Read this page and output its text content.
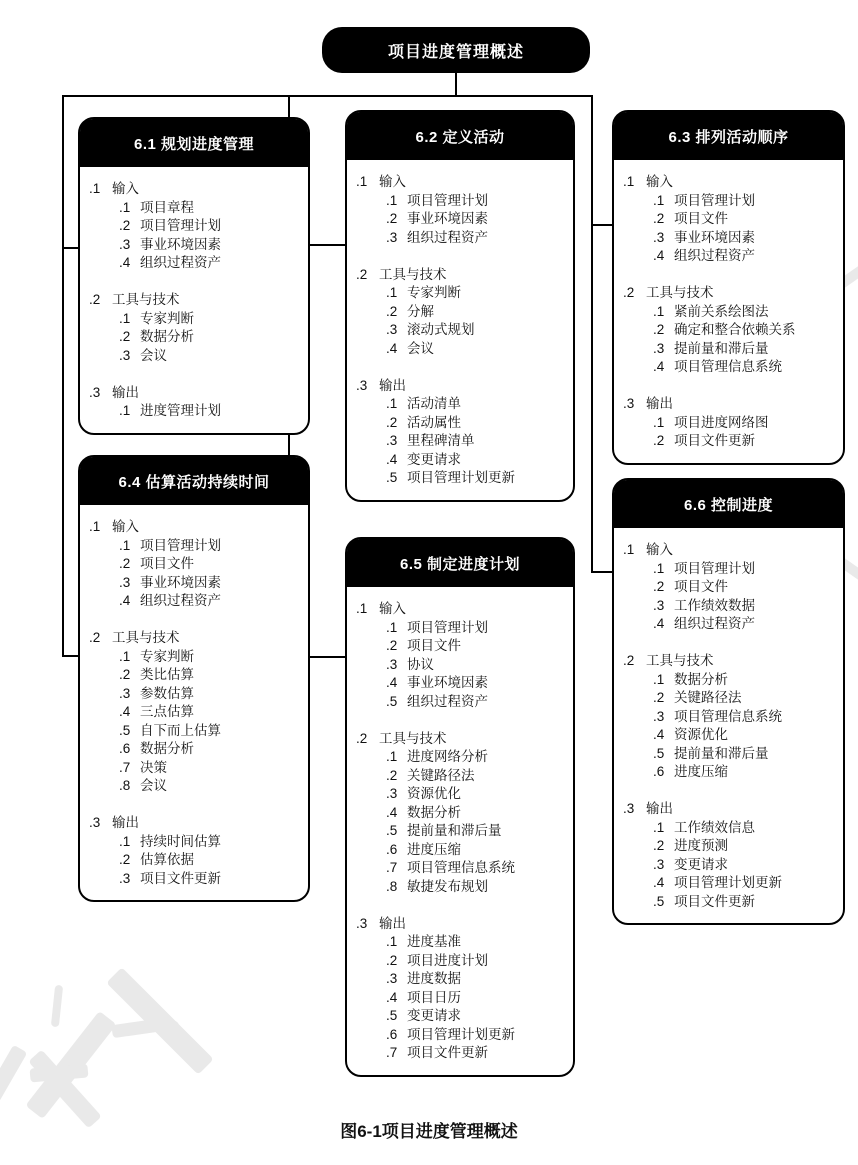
项目进度管理概述
6.1 规划进度管理
.1 输入
.1 项目章程
.2 项目管理计划
.3 事业环境因素
.4 组织过程资产
.2 工具与技术
.1 专家判断
.2 数据分析
.3 会议
.3 输出
.1 进度管理计划
6.2 定义活动
.1 输入
.1 项目管理计划
.2 事业环境因素
.3 组织过程资产
.2 工具与技术
.1 专家判断
.2 分解
.3 滚动式规划
.4 会议
.3 输出
.1 活动清单
.2 活动属性
.3 里程碑清单
.4 变更请求
.5 项目管理计划更新
6.3 排列活动顺序
.1 输入
.1 项目管理计划
.2 项目文件
.3 事业环境因素
.4 组织过程资产
.2 工具与技术
.1 紧前关系绘图法
.2 确定和整合依赖关系
.3 提前量和滞后量
.4 项目管理信息系统
.3 输出
.1 项目进度网络图
.2 项目文件更新
6.4 估算活动持续时间
.1 输入
.1 项目管理计划
.2 项目文件
.3 事业环境因素
.4 组织过程资产
.2 工具与技术
.1 专家判断
.2 类比估算
.3 参数估算
.4 三点估算
.5 自下而上估算
.6 数据分析
.7 决策
.8 会议
.3 输出
.1 持续时间估算
.2 估算依据
.3 项目文件更新
6.5 制定进度计划
.1 输入
.1 项目管理计划
.2 项目文件
.3 协议
.4 事业环境因素
.5 组织过程资产
.2 工具与技术
.1 进度网络分析
.2 关键路径法
.3 资源优化
.4 数据分析
.5 提前量和滞后量
.6 进度压缩
.7 项目管理信息系统
.8 敏捷发布规划
.3 输出
.1 进度基准
.2 项目进度计划
.3 进度数据
.4 项目日历
.5 变更请求
.6 项目管理计划更新
.7 项目文件更新
6.6 控制进度
.1 输入
.1 项目管理计划
.2 项目文件
.3 工作绩效数据
.4 组织过程资产
.2 工具与技术
.1 数据分析
.2 关键路径法
.3 项目管理信息系统
.4 资源优化
.5 提前量和滞后量
.6 进度压缩
.3 输出
.1 工作绩效信息
.2 进度预测
.3 变更请求
.4 项目管理计划更新
.5 项目文件更新
图6-1项目进度管理概述
